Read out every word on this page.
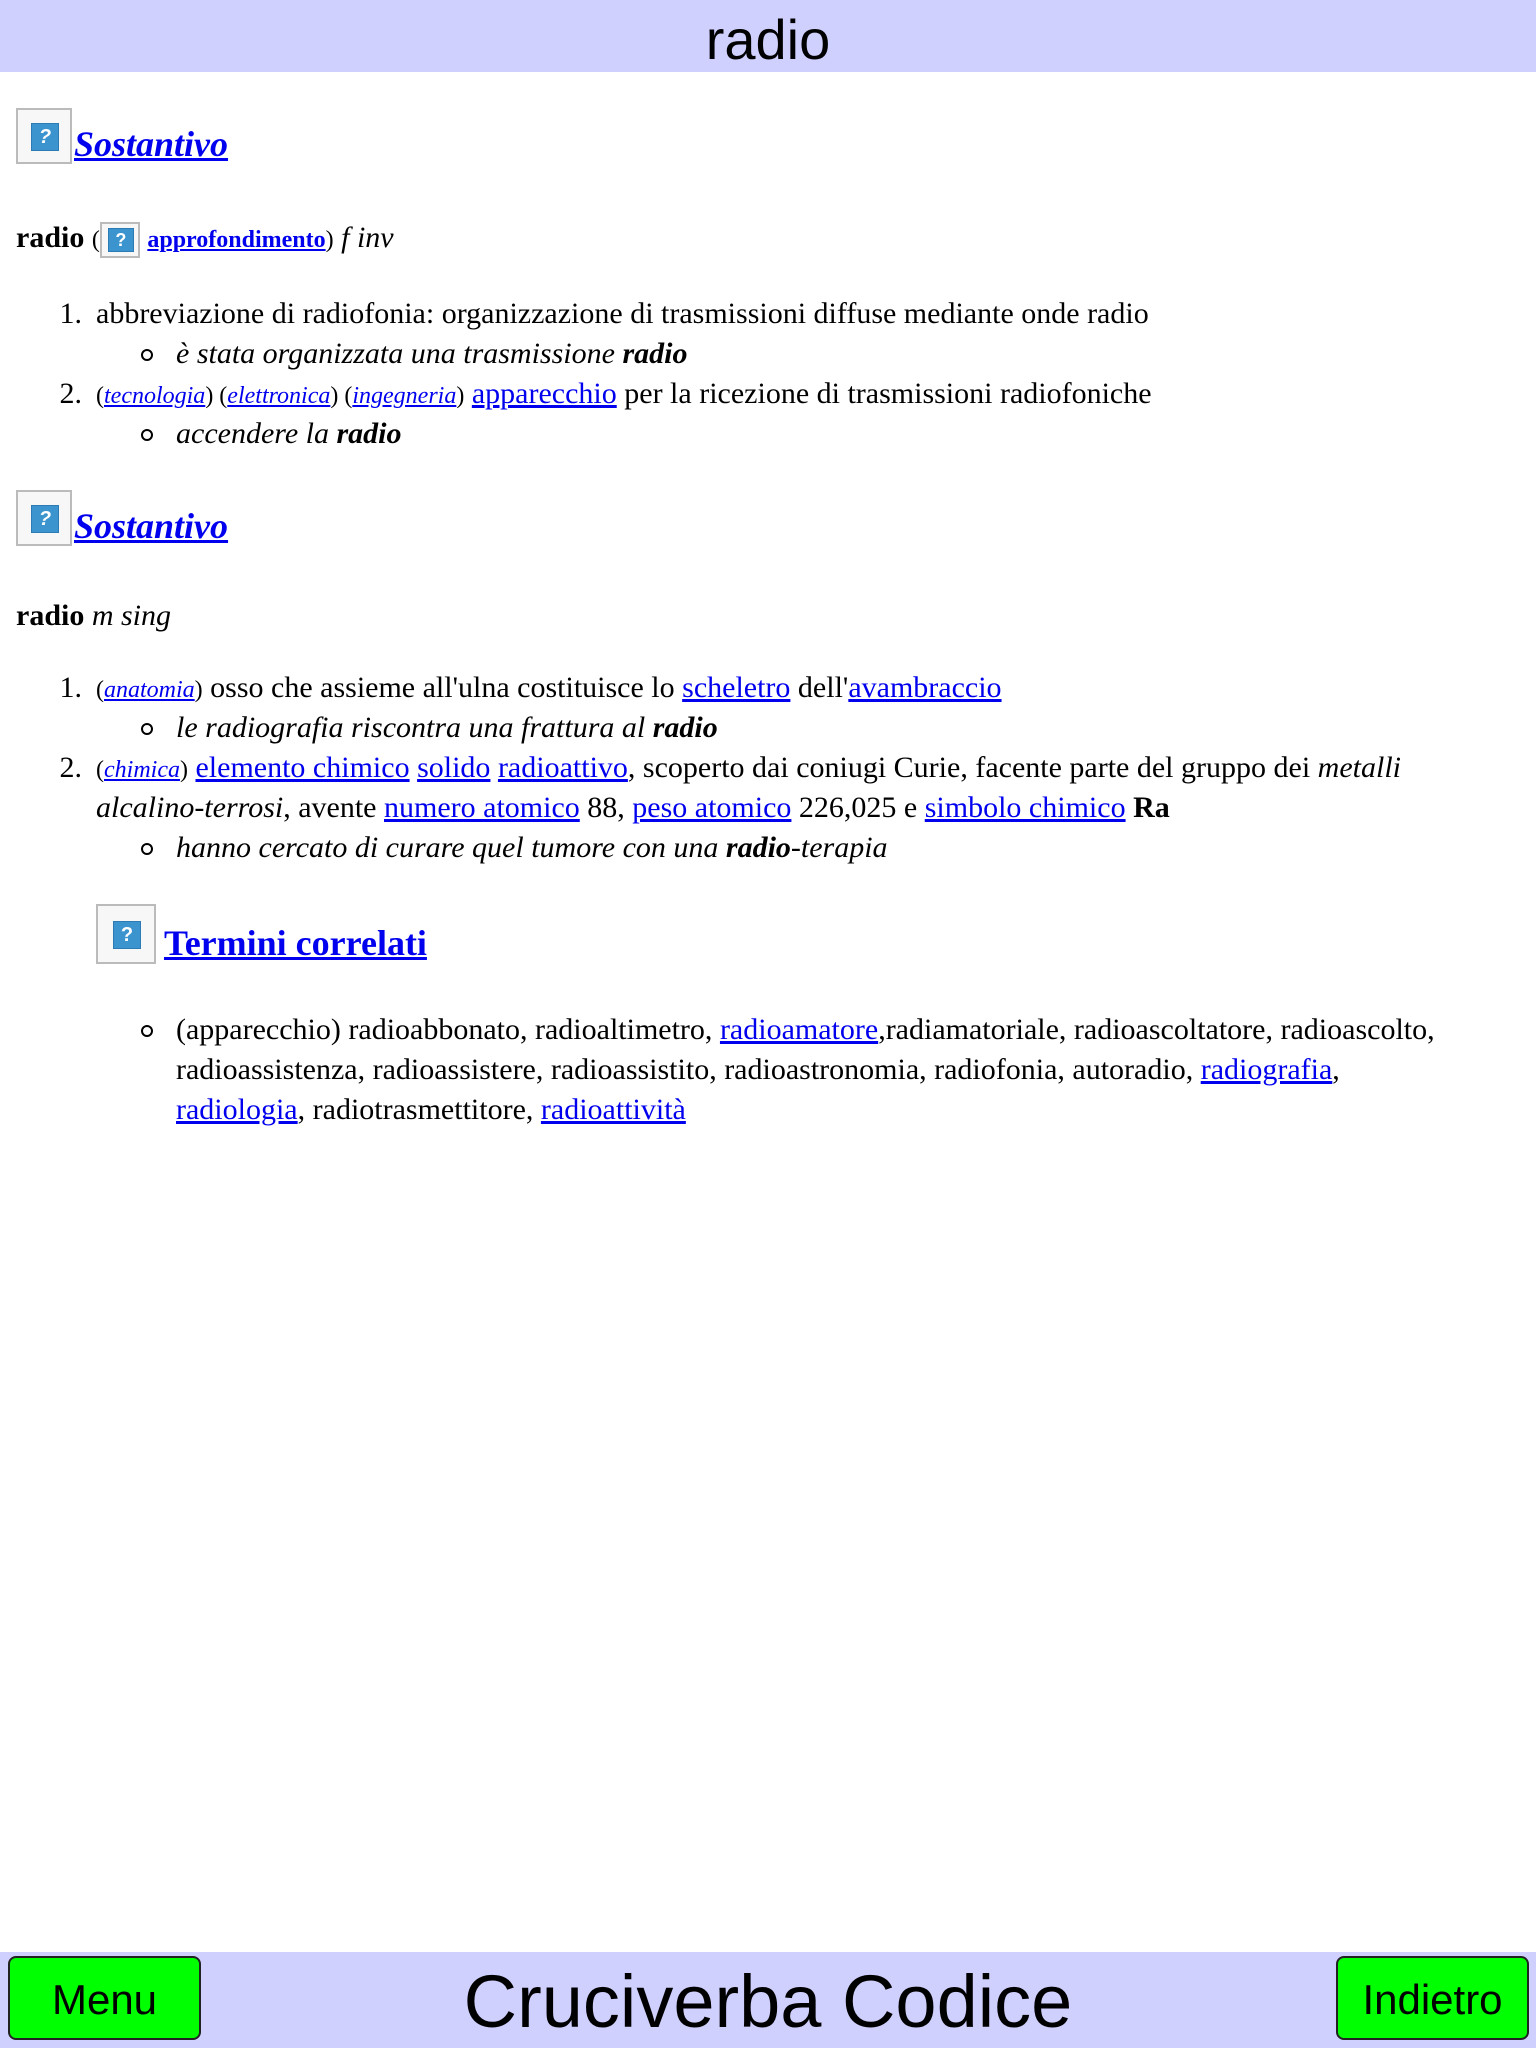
radio
? Sostantivo
radio ( ? approfondimento) f inv
1. abbreviazione di radiofonia: organizzazione di trasmissioni diffuse mediante onde radio
è stata organizzata una trasmissione radio
2. (tecnologia) (elettronica) (ingegneria) apparecchio per la ricezione di trasmissioni radiofoniche
accendere la radio
? Sostantivo
radio m sing
1. (anatomia) osso che assieme all'ulna costituisce lo scheletro dell'avambraccio
le radiografia riscontra una frattura al radio
2. (chimica) elemento chimico solido radioattivo, scoperto dai coniugi Curie, facente parte del gruppo dei metalli
alcalino-terrosi, avente numero atomico 88, peso atomico 226,025 e simbolo chimico Ra
hanno cercato di curare quel tumore con una radio-terapia
? Termini correlati
(apparecchio) radioabbonato, radioaltimetro, radioamatore,radiamatoriale, radioascoltatore, radioascolto,
radioassistenza, radioassistere, radioassistito, radioastronomia, radiofonia, autoradio, radiografia,
radiologia, radiotrasmettitore, radioattività
Menu	Cruciverba Codice	Indietro
